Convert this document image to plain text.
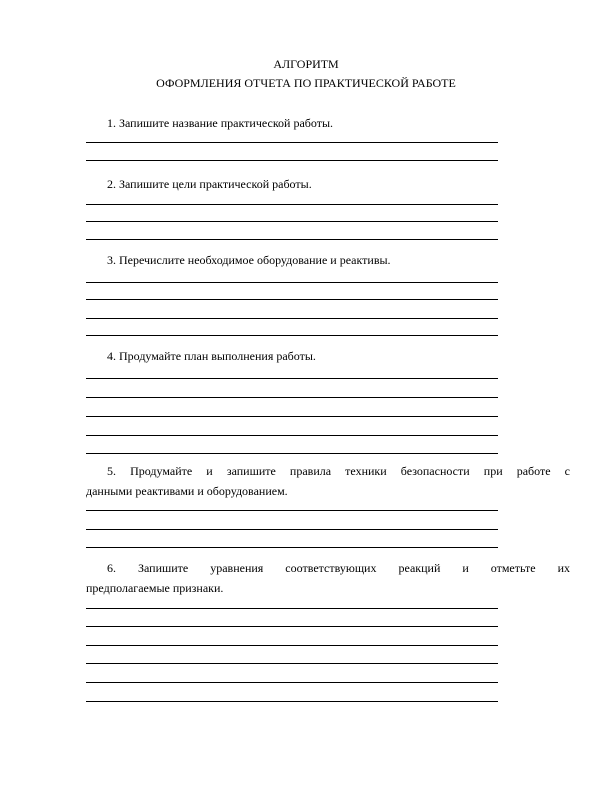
АЛГОРИТМ
ОФОРМЛЕНИЯ ОТЧЕТА ПО ПРАКТИЧЕСКОЙ РАБОТЕ
1. Запишите название практической работы.
2. Запишите цели практической работы.
3. Перечислите необходимое оборудование и реактивы.
4. Продумайте план выполнения работы.
5. Продумайте и запишите правила техники безопасности при работе с
данными реактивами и оборудованием.
6. Запишите уравнения соответствующих реакций и отметьте их
предполагаемые признаки.
